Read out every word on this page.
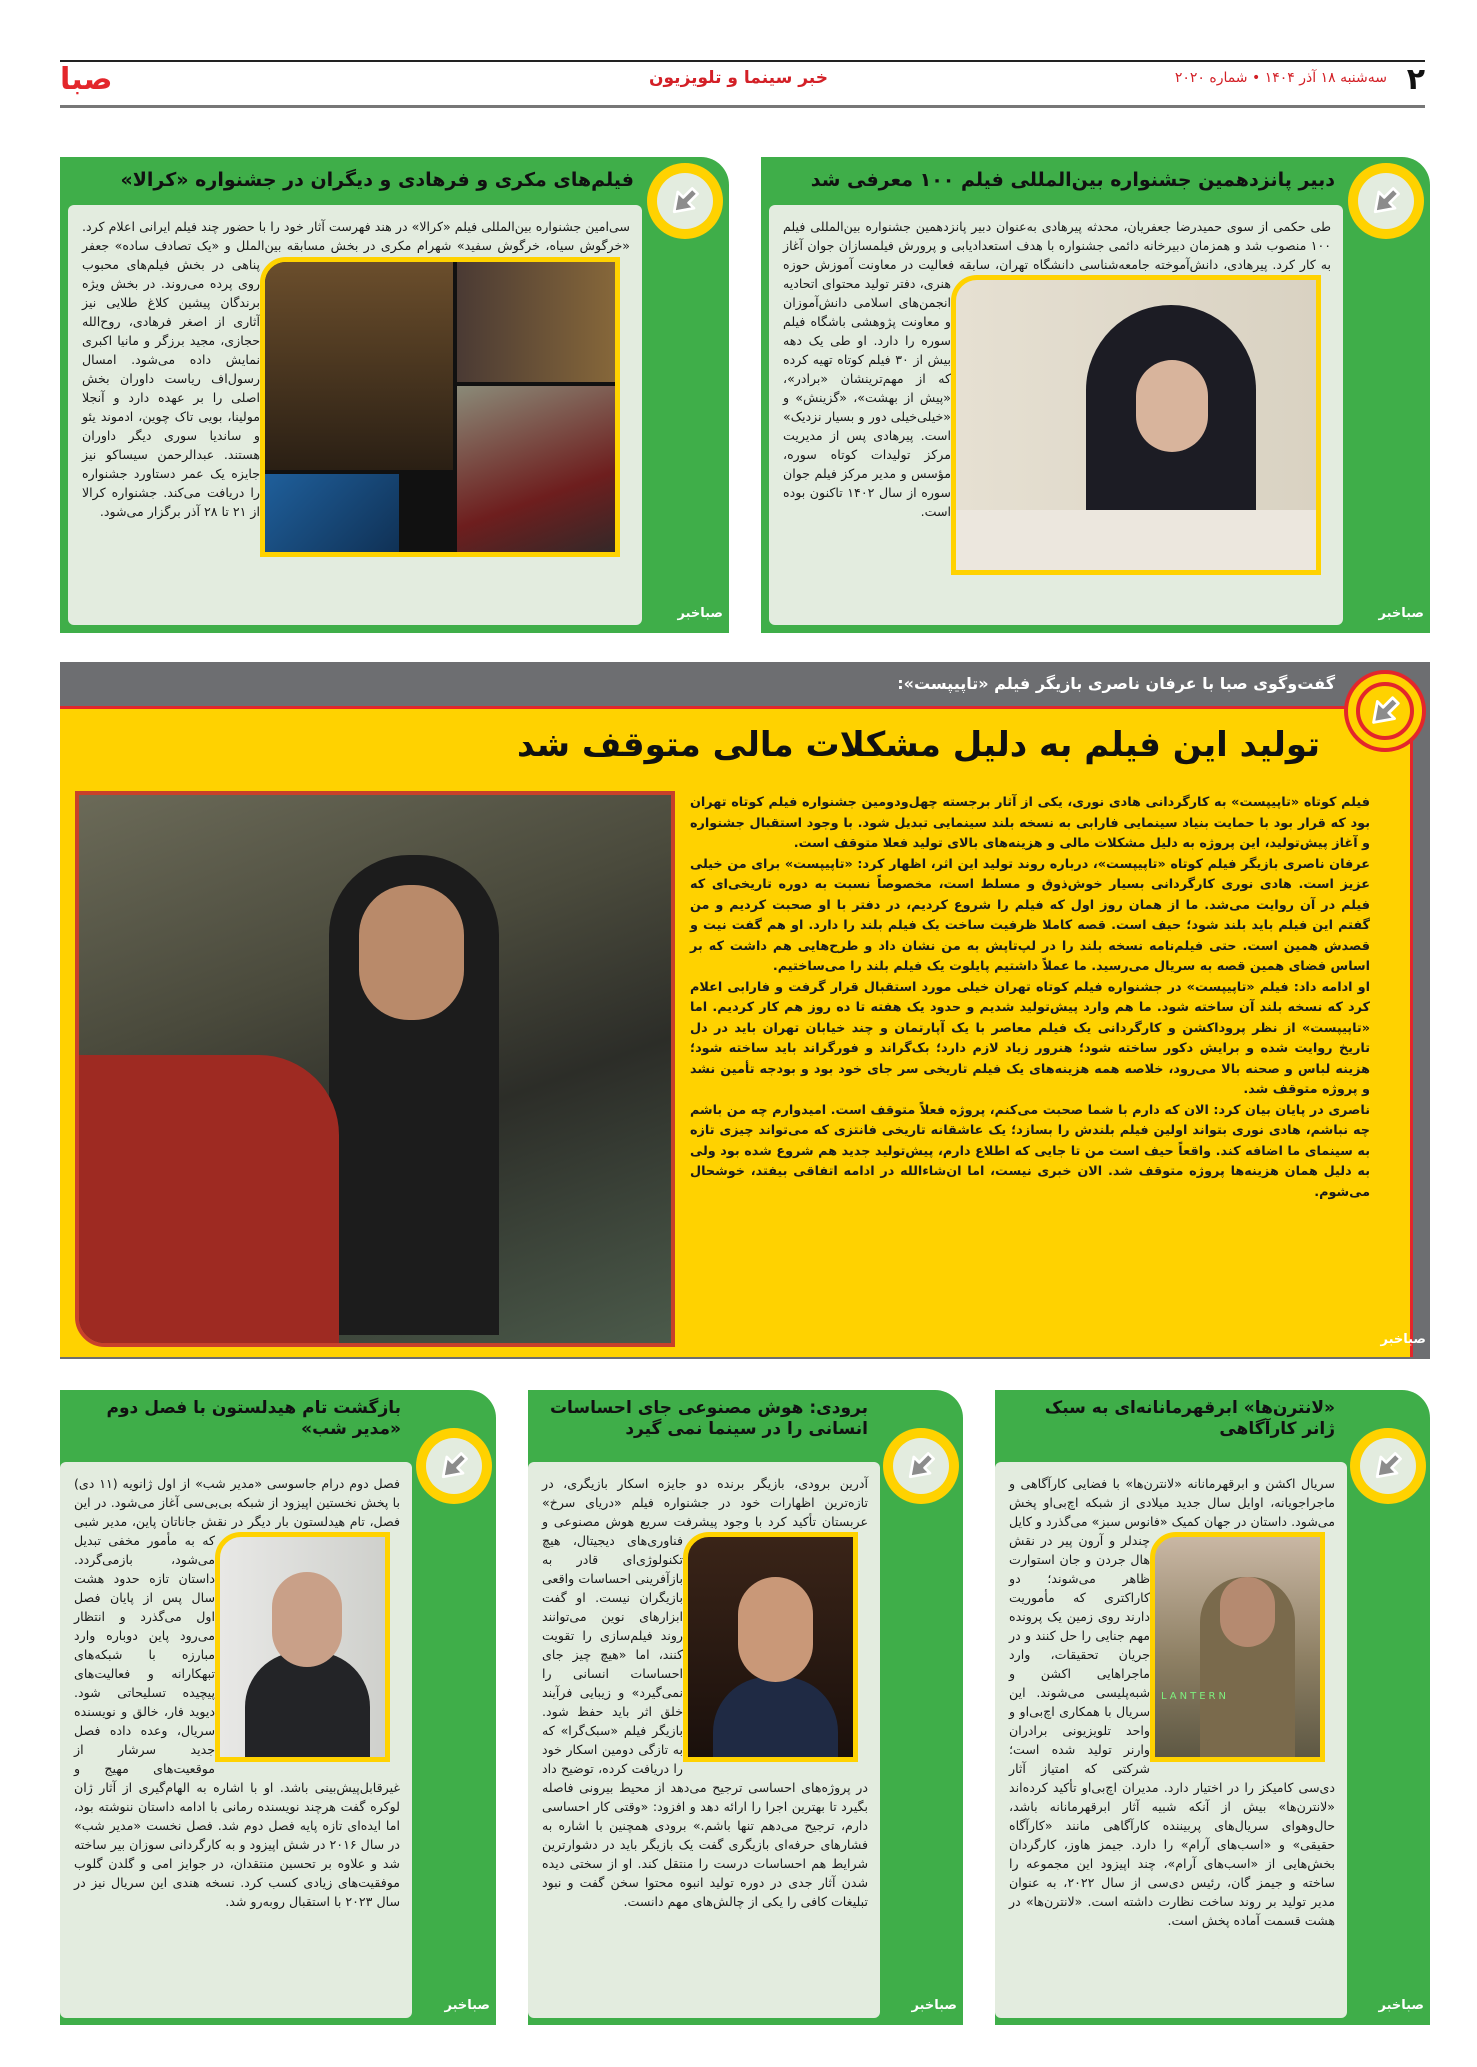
۲
سه‌شنبه ۱۸ آذر ۱۴۰۴ • شماره ۲۰۲۰
خبر سینما و تلویزیون
صبا
دبیر پانزدهمین جشنواره بین‌المللی فیلم ۱۰۰ معرفی شد
طی حکمی از سوی حمیدرضا جعفریان، محدثه پیرهادی به‌عنوان دبیر پانزدهمین جشنواره بین‌المللی فیلم ۱۰۰ منصوب شد و همزمان دبیرخانه دائمی جشنواره با هدف استعدادیابی و پرورش فیلمسازان جوان آغاز به کار کرد. پیرهادی، دانش‌آموخته جامعه‌شناسی دانشگاه تهران، سابقه فعالیت در معاونت آموزش حوزه هنری، دفتر تولید محتوای اتحادیه انجمن‌های اسلامی دانش‌آموزان و معاونت پژوهشی باشگاه فیلم سوره را دارد. او طی یک دهه بیش از ۳۰ فیلم کوتاه تهیه کرده که از مهم‌ترینشان «برادر»، «پیش از بهشت»، «گزینش» و «خیلی‌خیلی دور و بسیار نزدیک» است. پیرهادی پس از مدیریت مرکز تولیدات کوتاه سوره، مؤسس و مدیر مرکز فیلم جوان سوره از سال ۱۴۰۲ تاکنون بوده است.
صباخبر
فیلم‌های مکری و فرهادی و دیگران در جشنواره «کرالا»
سی‌امین جشنواره بین‌المللی فیلم «کرالا» در هند فهرست آثار خود را با حضور چند فیلم ایرانی اعلام کرد. «خرگوش سیاه، خرگوش سفید» شهرام مکری در بخش مسابقه بین‌الملل و «یک تصادف ساده» جعفر پناهی در بخش فیلم‌های محبوب روی پرده می‌روند. در بخش ویژه برندگان پیشین کلاغ طلایی نیز آثاری از اصغر فرهادی، روح‌الله حجازی، مجید برزگر و مانیا اکبری نمایش داده می‌شود. امسال رسول‌اف ریاست داوران بخش اصلی را بر عهده دارد و آنجلا مولینا، بویی تاک چوین، ادموند یئو و ساندیا سوری دیگر داوران هستند. عبدالرحمن سیساکو نیز جایزه یک عمر دستاورد جشنواره را دریافت می‌کند. جشنواره کرالا از ۲۱ تا ۲۸ آذر برگزار می‌شود.
صباخبر
گفت‌وگوی صبا با عرفان ناصری بازیگر فیلم «تاپیپست»:
تولید این فیلم به دلیل مشکلات مالی متوقف شد

فیلم کوتاه «تاپیپست» به کارگردانی هادی نوری، یکی از آثار برجسته چهل‌ودومین جشنواره فیلم کوتاه تهران بود که قرار بود با حمایت بنیاد سینمایی فارابی به نسخه بلند سینمایی تبدیل شود. با وجود استقبال جشنواره و آغاز پیش‌تولید، این پروژه به دلیل مشکلات مالی و هزینه‌های بالای تولید فعلا متوقف است.

عرفان ناصری بازیگر فیلم کوتاه «تاپیپست»، درباره روند تولید این اثر، اظهار کرد: «تاپیپست» برای من خیلی عزیز است. هادی نوری کارگردانی بسیار خوش‌ذوق و مسلط است، مخصوصاً نسبت به دوره تاریخی‌ای که فیلم در آن روایت می‌شد. ما از همان روز اول که فیلم را شروع کردیم، در دفتر با او صحبت کردیم و من گفتم این فیلم باید بلند شود؛ حیف است. قصه کاملا ظرفیت ساخت یک فیلم بلند را دارد. او هم گفت نیت و قصدش همین است. حتی فیلم‌نامه نسخه بلند را در لپ‌تاپش به من نشان داد و طرح‌هایی هم داشت که بر اساس فضای همین قصه به سریال می‌رسید. ما عملاً داشتیم پایلوت یک فیلم بلند را می‌ساختیم.

او ادامه داد: فیلم «تاپیپست» در جشنواره فیلم کوتاه تهران خیلی مورد استقبال قرار گرفت و فارابی اعلام کرد که نسخه بلند آن ساخته شود. ما هم وارد پیش‌تولید شدیم و حدود یک هفته تا ده روز هم کار کردیم. اما «تاپیپست» از نظر پروداکشن و کارگردانی یک فیلم معاصر با یک آپارتمان و چند خیابان تهران باید در دل تاریخ روایت شده و برایش دکور ساخته شود؛ هنرور زیاد لازم دارد؛ بک‌گراند و فورگراند باید ساخته شود؛ هزینه لباس و صحنه بالا می‌رود، خلاصه همه هزینه‌های یک فیلم تاریخی سر جای خود بود و بودجه تأمین نشد و پروژه متوقف شد.

ناصری در پایان بیان کرد: الان که دارم با شما صحبت می‌کنم، پروژه فعلاً متوقف است. امیدوارم چه من باشم چه نباشم، هادی نوری بتواند اولین فیلم بلندش را بسازد؛ یک عاشقانه تاریخی فانتزی که می‌تواند چیزی تازه به سینمای ما اضافه کند. واقعاً حیف است من تا جایی که اطلاع دارم، پیش‌تولید جدید هم شروع شده بود ولی به دلیل همان هزینه‌ها پروژه متوقف شد. الان خبری نیست، اما ان‌شاءالله در ادامه اتفاقی بیفتد، خوشحال می‌شوم.

صباخبر
«لانترن‌ها» ابرقهرمانانه‌ای به سبک ژانر کارآگاهی
LANTERN
سریال اکشن و ابرقهرمانانه «لانترن‌ها» با فضایی کارآگاهی و ماجراجویانه، اوایل سال جدید میلادی از شبکه اچ‌بی‌او پخش می‌شود. داستان در جهان کمیک «فانوس سبز» می‌گذرد و کایل چندلر و آرون پیر در نقش هال جردن و جان استوارت ظاهر می‌شوند؛ دو کاراکتری که مأموریت دارند روی زمین یک پرونده مهم جنایی را حل کنند و در جریان تحقیقات، وارد ماجراهایی اکشن و شبه‌پلیسی می‌شوند. این سریال با همکاری اچ‌بی‌او و واحد تلویزیونی برادران وارنر تولید شده است؛ شرکتی که امتیاز آثار دی‌سی کامیکز را در اختیار دارد. مدیران اچ‌بی‌او تأکید کرده‌اند «لانترن‌ها» بیش از آنکه شبیه آثار ابرقهرمانانه باشد، حال‌وهوای سریال‌های پربیننده کارآگاهی مانند «کارآگاه حقیقی» و «اسب‌های آرام» را دارد. جیمز هاوز، کارگردان بخش‌هایی از «اسب‌های آرام»، چند اپیزود این مجموعه را ساخته و جیمز گان، رئیس دی‌سی از سال ۲۰۲۲، به عنوان مدیر تولید بر روند ساخت نظارت داشته است. «لانترن‌ها» در هشت قسمت آماده پخش است.
صباخبر
برودی: هوش مصنوعی جای احساسات انسانی را در سینما نمی گیرد
آدرین برودی، بازیگر برنده دو جایزه اسکار بازیگری، در تازه‌ترین اظهارات خود در جشنواره فیلم «دریای سرخ» عربستان تأکید کرد با وجود پیشرفت سریع هوش مصنوعی و فناوری‌های دیجیتال، هیچ تکنولوژی‌ای قادر به بازآفرینی احساسات واقعی بازیگران نیست. او گفت ابزارهای نوین می‌توانند روند فیلم‌سازی را تقویت کنند، اما «هیچ چیز جای احساسات انسانی را نمی‌گیرد» و زیبایی فرآیند خلق اثر باید حفظ شود. بازیگر فیلم «سبک‌گرا» که به تازگی دومین اسکار خود را دریافت کرده، توضیح داد در پروژه‌های احساسی ترجیح می‌دهد از محیط بیرونی فاصله بگیرد تا بهترین اجرا را ارائه دهد و افزود: «وقتی کار احساسی دارم، ترجیح می‌دهم تنها باشم.» برودی همچنین با اشاره به فشارهای حرفه‌ای بازیگری گفت یک بازیگر باید در دشوارترین شرایط هم احساسات درست را منتقل کند. او از سختی دیده شدن آثار جدی در دوره تولید انبوه محتوا سخن گفت و نبود تبلیغات کافی را یکی از چالش‌های مهم دانست.
صباخبر
بازگشت تام هیدلستون با فصل دوم «مدیر شب»
فصل دوم درام جاسوسی «مدیر شب» از اول ژانویه (۱۱ دی) با پخش نخستین اپیزود از شبکه بی‌بی‌سی آغاز می‌شود. در این فصل، تام هیدلستون بار دیگر در نقش جاناتان پاین، مدیر شبی که به مأمور مخفی تبدیل می‌شود، بازمی‌گردد. داستان تازه حدود هشت سال پس از پایان فصل اول می‌گذرد و انتظار می‌رود پاین دوباره وارد مبارزه با شبکه‌های تبهکارانه و فعالیت‌های پیچیده تسلیحاتی شود. دیوید فار، خالق و نویسنده سریال، وعده داده فصل جدید سرشار از موقعیت‌های مهیج و غیرقابل‌پیش‌بینی باشد. او با اشاره به الهام‌گیری از آثار ژان لوکره گفت هرچند نویسنده رمانی با ادامه داستان ننوشته بود، اما ایده‌ای تازه پایه فصل دوم شد. فصل نخست «مدیر شب» در سال ۲۰۱۶ در شش اپیزود و به کارگردانی سوزان بیر ساخته شد و علاوه بر تحسین منتقدان، در جوایز امی و گلدن گلوب موفقیت‌های زیادی کسب کرد. نسخه هندی این سریال نیز در سال ۲۰۲۳ با استقبال روبه‌رو شد.
صباخبر
